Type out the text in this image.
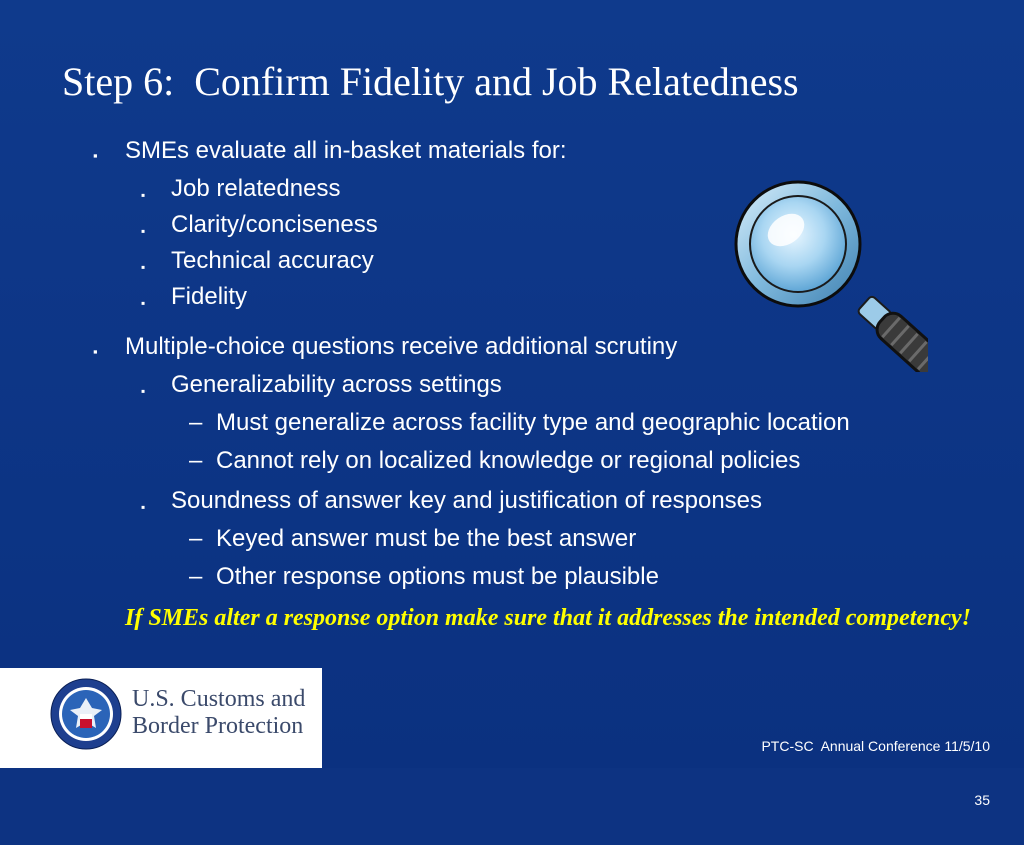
Step 6:  Confirm Fidelity and Job Relatedness
▪ SMEs evaluate all in-basket materials for:
▪ Job relatedness
▪ Clarity/conciseness
▪ Technical accuracy
▪ Fidelity
▪ Multiple-choice questions receive additional scrutiny
▪ Generalizability across settings
– Must generalize across facility type and geographic location
– Cannot rely on localized knowledge or regional policies
▪ Soundness of answer key and justification of responses
– Keyed answer must be the best answer
– Other response options must be plausible
If SMEs alter a response option make sure that it addresses the intended competency!
U.S. Customs and
Border Protection

PTC-SC  Annual Conference 11/5/10

35
